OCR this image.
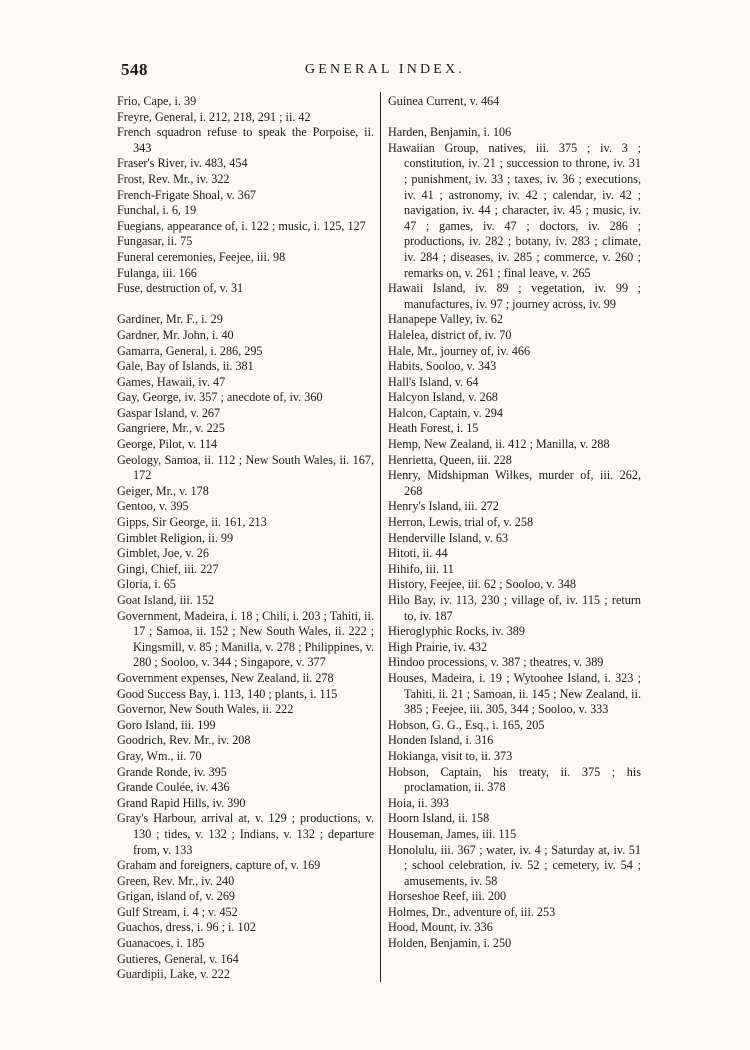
548	GENERAL INDEX.
Frio, Cape, i. 39
Freyre, General, i. 212, 218, 291 ; ii. 42
French squadron refuse to speak the Porpoise, ii. 343
Fraser's River, iv. 483, 454
Frost, Rev. Mr., iv. 322
French-Frigate Shoal, v. 367
Funchal, i. 6, 19
Fuegians, appearance of, i. 122 ; music, i. 125, 127
Fungasar, ii. 75
Funeral ceremonies, Feejee, iii. 98
Fulanga, iii. 166
Fuse, destruction of, v. 31
Gardiner, Mr. F., i. 29
Gardner, Mr. John, i. 40
Gamarra, General, i. 286, 295
Gale, Bay of Islands, ii. 381
Games, Hawaii, iv. 47
Gay, George, iv. 357 ; anecdote of, iv. 360
Gaspar Island, v. 267
Gangriere, Mr., v. 225
George, Pilot, v. 114
Geology, Samoa, ii. 112 ; New South Wales, ii. 167, 172
Geiger, Mr., v. 178
Gentoo, v. 395
Gipps, Sir George, ii. 161, 213
Gimblet Religion, ii. 99
Gimblet, Joe, v. 26
Gingi, Chief, iii. 227
Gloria, i. 65
Goat Island, iii. 152
Government, Madeira, i. 18 ; Chili, i. 203 ; Tahiti, ii. 17 ; Samoa, ii. 152 ; New South Wales, ii. 222 ; Kingsmill, v. 85 ; Manilla, v. 278 ; Philippines, v. 280 ; Sooloo, v. 344 ; Singapore, v. 377
Government expenses, New Zealand, ii. 278
Good Success Bay, i. 113, 140 ; plants, i. 115
Governor, New South Wales, ii. 222
Goro Island, iii. 199
Goodrich, Rev. Mr., iv. 208
Gray, Wm., ii. 70
Grande Ronde, iv. 395
Grande Coulée, iv. 436
Grand Rapid Hills, iv. 390
Gray's Harbour, arrival at, v. 129 ; productions, v. 130 ; tides, v. 132 ; Indians, v. 132 ; departure from, v. 133
Graham and foreigners, capture of, v. 169
Green, Rev. Mr., iv. 240
Grigan, island of, v. 269
Gulf Stream, i. 4 ; v. 452
Guachos, dress, i. 96 ; i. 102
Guanacoes, i. 185
Gutieres, General, v. 164
Guardipii, Lake, v. 222
Guinea Current, v. 464
Harden, Benjamin, i. 106
Hawaiian Group, natives, iii. 375 ; iv. 3 ; constitution, iv. 21 ; succession to throne, iv. 31 ; punishment, iv. 33 ; taxes, iv. 36 ; executions, iv. 41 ; astronomy, iv. 42 ; calendar, iv. 42 ; navigation, iv. 44 ; character, iv. 45 ; music, iv. 47 ; games, iv. 47 ; doctors, iv. 286 ; productions, iv. 282 ; botany, iv. 283 ; climate, iv. 284 ; diseases, iv. 285 ; commerce, v. 260 ; remarks on, v. 261 ; final leave, v. 265
Hawaii Island, iv. 89 ; vegetation, iv. 99 ; manufactures, iv. 97 ; journey across, iv. 99
Hanapepe Valley, iv. 62
Halelea, district of, iv. 70
Hale, Mr., journey of, iv. 466
Habits, Sooloo, v. 343
Hall's Island, v. 64
Halcyon Island, v. 268
Halcon, Captain, v. 294
Heath Forest, i. 15
Hemp, New Zealand, ii. 412 ; Manilla, v. 288
Henrietta, Queen, iii. 228
Henry, Midshipman Wilkes, murder of, iii. 262, 268
Henry's Island, iii. 272
Herron, Lewis, trial of, v. 258
Henderville Island, v. 63
Hitoti, ii. 44
Hihifo, iii. 11
History, Feejee, iii. 62 ; Sooloo, v. 348
Hilo Bay, iv. 113, 230 ; village of, iv. 115 ; return to, iv. 187
Hieroglyphic Rocks, iv. 389
High Prairie, iv. 432
Hindoo processions, v. 387 ; theatres, v. 389
Houses, Madeira, i. 19 ; Wytoohee Island, i. 323 ; Tahiti, ii. 21 ; Samoan, ii. 145 ; New Zealand, ii. 385 ; Feejee, iii. 305, 344 ; Sooloo, v. 333
Hobson, G. G., Esq., i. 165, 205
Honden Island, i. 316
Hokianga, visit to, ii. 373
Hobson, Captain, his treaty, ii. 375 ; his proclamation, ii. 378
Hoia, ii. 393
Hoorn Island, ii. 158
Houseman, James, iii. 115
Honolulu, iii. 367 ; water, iv. 4 ; Saturday at, iv. 51 ; school celebration, iv. 52 ; cemetery, iv. 54 ; amusements, iv. 58
Horseshoe Reef, iii. 200
Holmes, Dr., adventure of, iii. 253
Hood, Mount, iv. 336
Holden, Benjamin, i. 250
